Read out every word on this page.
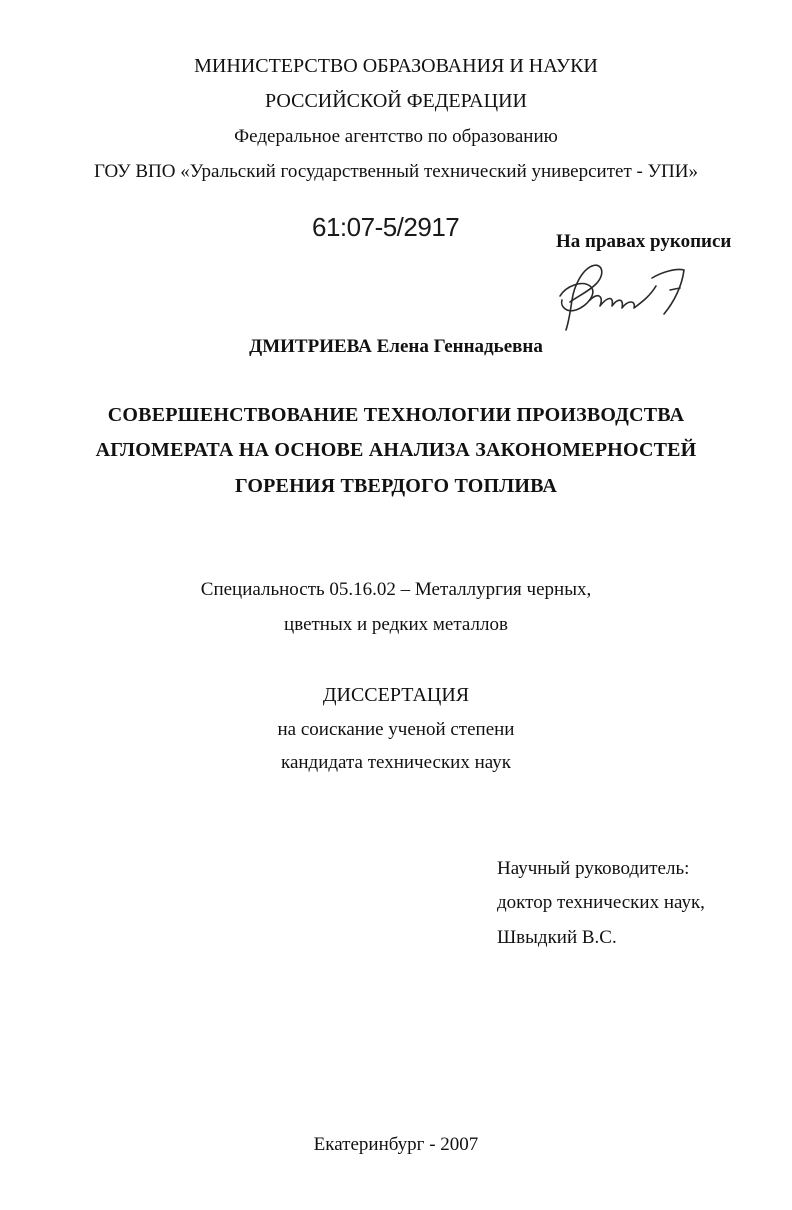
МИНИСТЕРСТВО ОБРАЗОВАНИЯ И НАУКИ
РОССИЙСКОЙ ФЕДЕРАЦИИ
Федеральное агентство по образованию
ГОУ ВПО «Уральский государственный технический университет - УПИ»
61:07-5/2917	На правах рукописи
ДМИТРИЕВА Елена Геннадьевна
СОВЕРШЕНСТВОВАНИЕ ТЕХНОЛОГИИ ПРОИЗВОДСТВА
АГЛОМЕРАТА НА ОСНОВЕ АНАЛИЗА ЗАКОНОМЕРНОСТЕЙ
ГОРЕНИЯ ТВЕРДОГО ТОПЛИВА
Специальность 05.16.02 – Металлургия черных,
цветных и редких металлов
ДИССЕРТАЦИЯ
на соискание ученой степени
кандидата технических наук
Научный руководитель:
доктор технических наук,
Швыдкий В.С.
Екатеринбург - 2007
